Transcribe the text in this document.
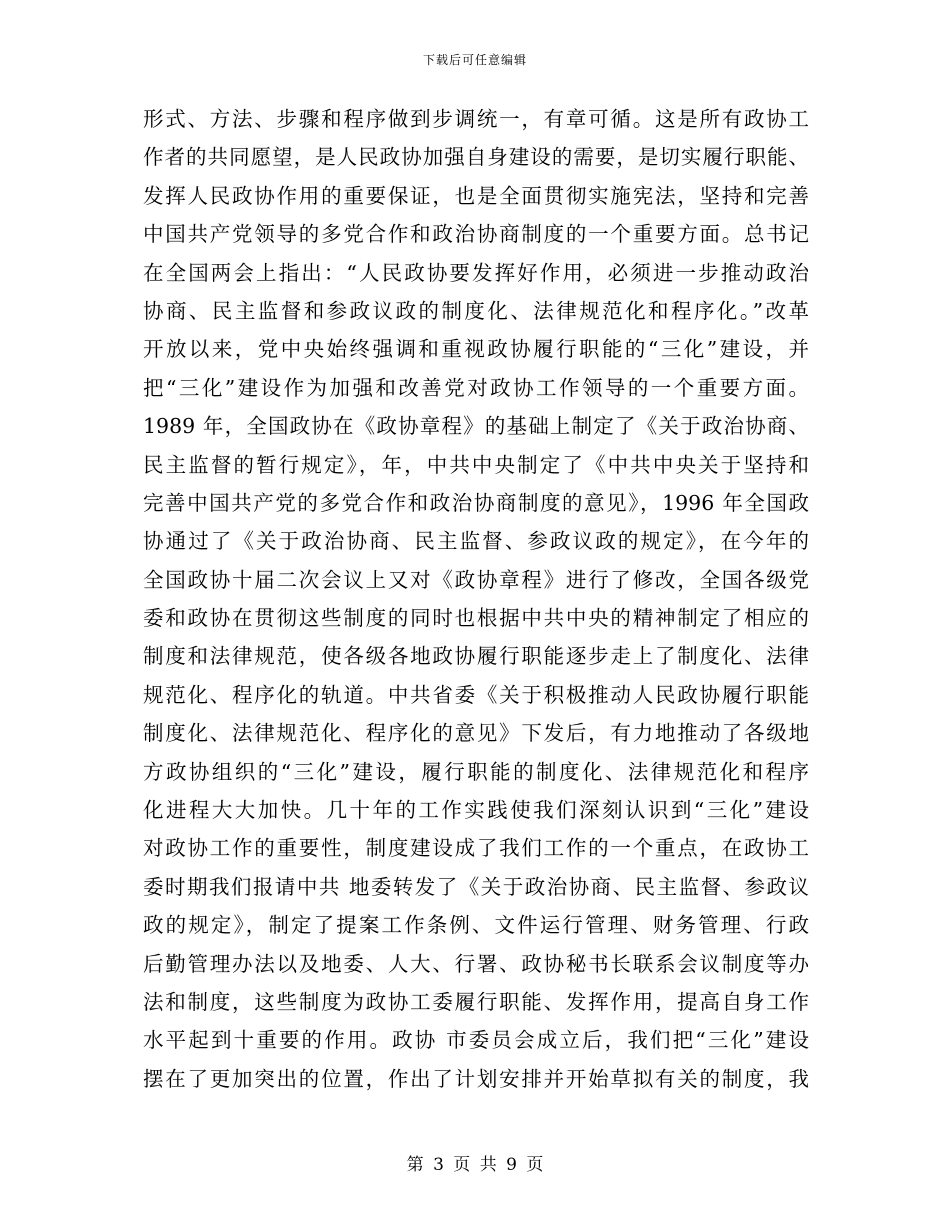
下载后可任意编辑
形式、方法、步骤和程序做到步调统一，有章可循。这是所有政协工
作者的共同愿望，是人民政协加强自身建设的需要，是切实履行职能、
发挥人民政协作用的重要保证，也是全面贯彻实施宪法，坚持和完善
中国共产党领导的多党合作和政治协商制度的一个重要方面。总书记
在全国两会上指出：“人民政协要发挥好作用，必须进一步推动政治
协商、民主监督和参政议政的制度化、法律规范化和程序化。”改革
开放以来，党中央始终强调和重视政协履行职能的“三化”建设，并
把“三化”建设作为加强和改善党对政协工作领导的一个重要方面。
1989 年，全国政协在《政协章程》的基础上制定了《关于政治协商、
民主监督的暂行规定》，年，中共中央制定了《中共中央关于坚持和
完善中国共产党的多党合作和政治协商制度的意见》，1996 年全国政
协通过了《关于政治协商、民主监督、参政议政的规定》，在今年的
全国政协十届二次会议上又对《政协章程》进行了修改，全国各级党
委和政协在贯彻这些制度的同时也根据中共中央的精神制定了相应的
制度和法律规范，使各级各地政协履行职能逐步走上了制度化、法律
规范化、程序化的轨道。中共省委《关于积极推动人民政协履行职能
制度化、法律规范化、程序化的意见》下发后，有力地推动了各级地
方政协组织的“三化”建设，履行职能的制度化、法律规范化和程序
化进程大大加快。几十年的工作实践使我们深刻认识到“三化”建设
对政协工作的重要性，制度建设成了我们工作的一个重点，在政协工
委时期我们报请中共 地委转发了《关于政治协商、民主监督、参政议
政的规定》，制定了提案工作条例、文件运行管理、财务管理、行政
后勤管理办法以及地委、人大、行署、政协秘书长联系会议制度等办
法和制度，这些制度为政协工委履行职能、发挥作用，提高自身工作
水平起到十重要的作用。政协 市委员会成立后，我们把“三化”建设
摆在了更加突出的位置，作出了计划安排并开始草拟有关的制度，我
第 3 页 共 9 页
